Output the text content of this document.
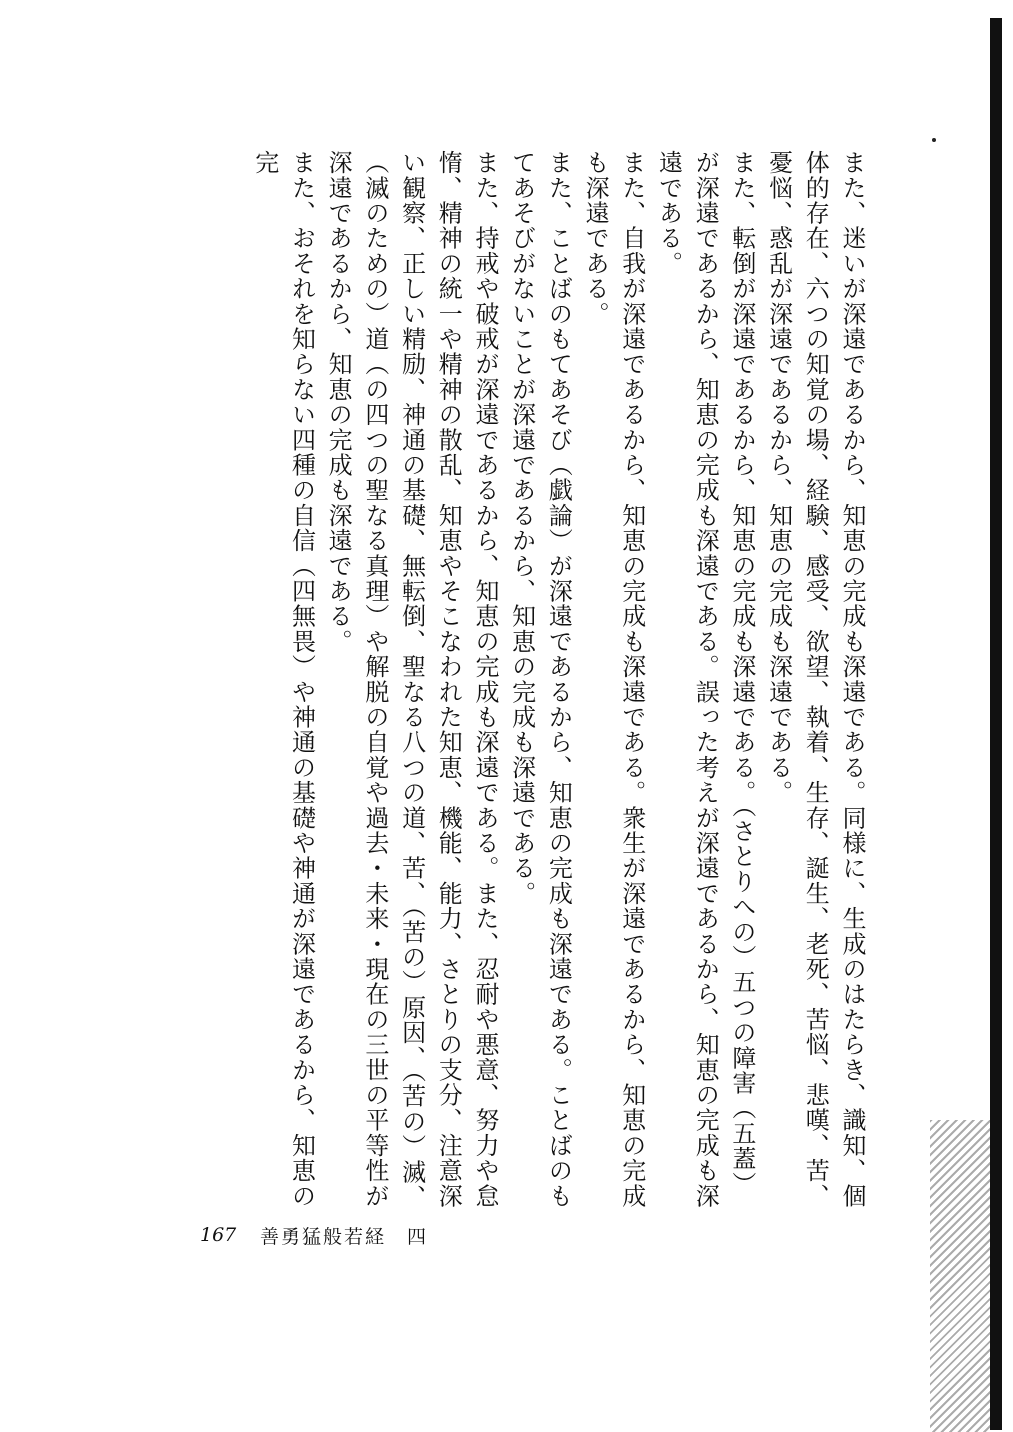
また、迷いが深遠であるから、知恵の完成も深遠である。同様に、生成のはたらき、識知、個体的存在、六つの知覚の場、経験、感受、欲望、執着、生存、誕生、老死、苦悩、悲嘆、苦、憂悩、惑乱が深遠であるから、知恵の完成も深遠である。

また、転倒が深遠であるから、知恵の完成も深遠である。（さとりへの）五つの障害（五蓋）が深遠であるから、知恵の完成も深遠である。誤った考えが深遠であるから、知恵の完成も深遠である。

また、自我が深遠であるから、知恵の完成も深遠である。衆生が深遠であるから、知恵の完成も深遠である。

また、ことばのもてあそび（戯論）が深遠であるから、知恵の完成も深遠である。ことばのもてあそびがないことが深遠であるから、知恵の完成も深遠である。

また、持戒や破戒が深遠であるから、知恵の完成も深遠である。また、忍耐や悪意、努力や怠惰、精神の統一や精神の散乱、知恵やそこなわれた知恵、機能、能力、さとりの支分、注意深い観察、正しい精励、神通の基礎、無転倒、聖なる八つの道、苦、（苦の）原因、（苦の）滅、（滅のための）道（の四つの聖なる真理）や解脱の自覚や過去・未来・現在の三世の平等性が深遠であるから、知恵の完成も深遠である。

また、おそれを知らない四種の自信（四無畏）や神通の基礎や神通が深遠であるから、知恵の完

167	善勇猛般若経　四
